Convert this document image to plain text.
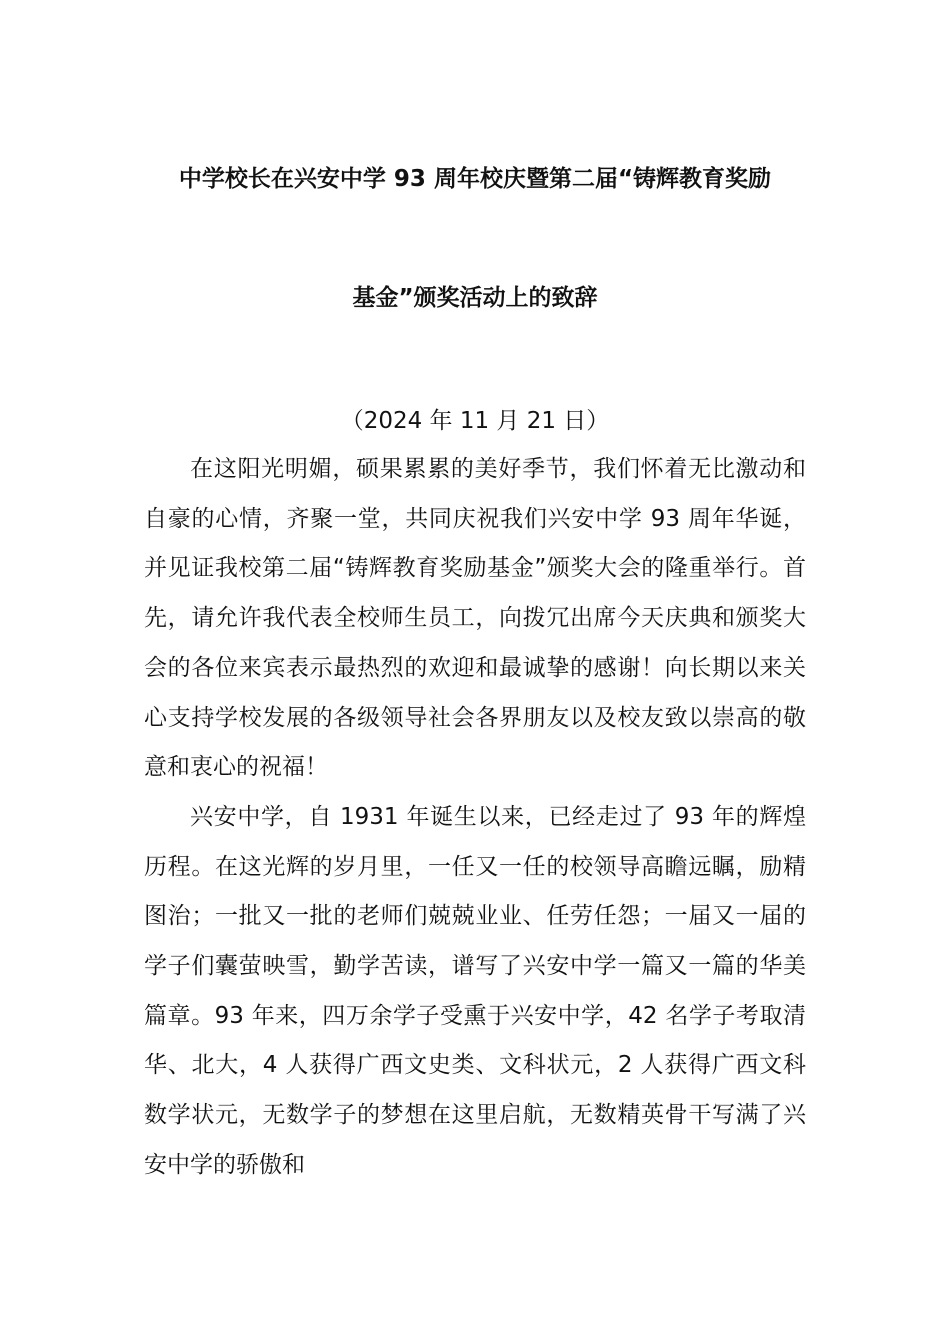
中学校长在兴安中学 93 周年校庆暨第二届“铸辉教育奖励
基金”颁奖活动上的致辞
（2024 年 11 月 21 日）

在这阳光明媚，硕果累累的美好季节，我们怀着无比激动和自豪的心情，齐聚一堂，共同庆祝我们兴安中学 93 周年华诞，并见证我校第二届“铸辉教育奖励基金”颁奖大会的隆重举行。首先，请允许我代表全校师生员工，向拨冗出席今天庆典和颁奖大会的各位来宾表示最热烈的欢迎和最诚挚的感谢！向长期以来关心支持学校发展的各级领导社会各界朋友以及校友致以崇高的敬意和衷心的祝福！

兴安中学，自 1931 年诞生以来，已经走过了 93 年的辉煌历程。在这光辉的岁月里，一任又一任的校领导高瞻远瞩，励精图治；一批又一批的老师们兢兢业业、任劳任怨；一届又一届的学子们囊萤映雪，勤学苦读，谱写了兴安中学一篇又一篇的华美篇章。93 年来，四万余学子受熏于兴安中学，42 名学子考取清华、北大，4 人获得广西文史类、文科状元，2 人获得广西文科数学状元，无数学子的梦想在这里启航，无数精英骨干写满了兴安中学的骄傲和
